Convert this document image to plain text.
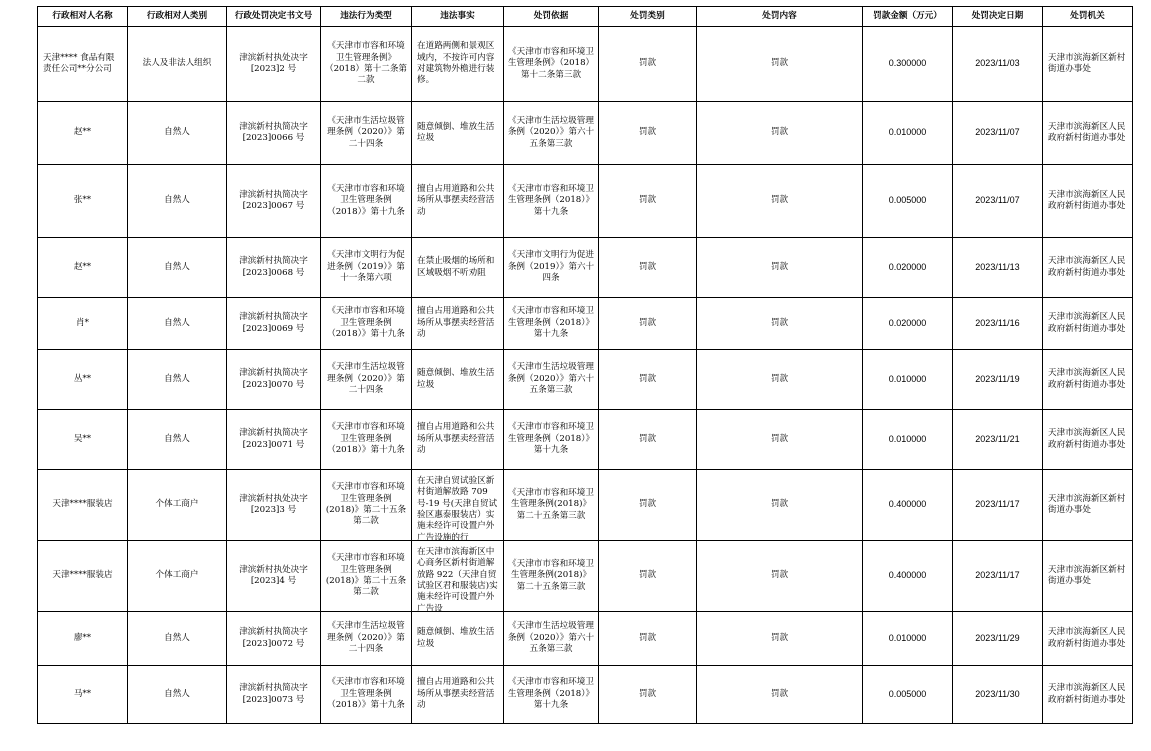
行政相对人名称	行政相对人类别	行政处罚决定书文号	违法行为类型	违法事实	处罚依据	处罚类别	处罚内容	罚款金额（万元）	处罚决定日期	处罚机关
天津**** 食品有限责任公司**分公司	法人及非法人组织	津滨新村执处决字[2023]2 号	《天津市市容和环境卫生管理条例》（2018）第十二条第二款	在道路两侧和景观区域内，不按许可内容对建筑物外檐进行装修。	《天津市市容和环境卫生管理条例》（2018）第十二条第三款	罚款	罚款	0.300000	2023/11/03	天津市滨海新区新村街道办事处
赵**	自然人	津滨新村执简决字[2023]0066 号	《天津市生活垃圾管理条例（2020）》第二十四条	随意倾倒、堆放生活垃圾	《天津市生活垃圾管理条例（2020）》第六十五条第三款	罚款	罚款	0.010000	2023/11/07	天津市滨海新区人民政府新村街道办事处
张**	自然人	津滨新村执简决字[2023]0067 号	《天津市市容和环境卫生管理条例（2018）》第十九条	擅自占用道路和公共场所从事摆卖经营活动	《天津市市容和环境卫生管理条例（2018）》第十九条	罚款	罚款	0.005000	2023/11/07	天津市滨海新区人民政府新村街道办事处
赵**	自然人	津滨新村执简决字[2023]0068 号	《天津市文明行为促进条例（2019）》第十一条第六项	在禁止吸烟的场所和区域吸烟不听劝阻	《天津市文明行为促进条例（2019）》第六十四条	罚款	罚款	0.020000	2023/11/13	天津市滨海新区人民政府新村街道办事处
肖*	自然人	津滨新村执简决字[2023]0069 号	《天津市市容和环境卫生管理条例（2018）》第十九条	擅自占用道路和公共场所从事摆卖经营活动	《天津市市容和环境卫生管理条例（2018）》第十九条	罚款	罚款	0.020000	2023/11/16	天津市滨海新区人民政府新村街道办事处
丛**	自然人	津滨新村执简决字[2023]0070 号	《天津市生活垃圾管理条例（2020）》第二十四条	随意倾倒、堆放生活垃圾	《天津市生活垃圾管理条例（2020）》第六十五条第三款	罚款	罚款	0.010000	2023/11/19	天津市滨海新区人民政府新村街道办事处
吴**	自然人	津滨新村执简决字[2023]0071 号	《天津市市容和环境卫生管理条例（2018）》第十九条	擅自占用道路和公共场所从事摆卖经营活动	《天津市市容和环境卫生管理条例（2018）》第十九条	罚款	罚款	0.010000	2023/11/21	天津市滨海新区人民政府新村街道办事处
天津****服装店	个体工商户	津滨新村执处决字[2023]3 号	《天津市市容和环境卫生管理条例(2018)》第二十五条第二款	在天津自贸试验区新村街道解放路 709 号-19 号(天津自贸试验区惠泰服装店）实施未经许可设置户外广告设施的行	《天津市市容和环境卫生管理条例(2018)》第二十五条第三款	罚款	罚款	0.400000	2023/11/17	天津市滨海新区新村街道办事处
天津****服装店	个体工商户	津滨新村执处决字[2023]4 号	《天津市市容和环境卫生管理条例(2018)》第二十五条第二款	在天津市滨海新区中心商务区新村街道解放路 922（天津自贸试验区君和服装店)实施未经许可设置户外广告设	《天津市市容和环境卫生管理条例(2018)》第二十五条第三款	罚款	罚款	0.400000	2023/11/17	天津市滨海新区新村街道办事处
廖**	自然人	津滨新村执简决字[2023]0072 号	《天津市生活垃圾管理条例（2020）》第二十四条	随意倾倒、堆放生活垃圾	《天津市生活垃圾管理条例（2020）》第六十五条第三款	罚款	罚款	0.010000	2023/11/29	天津市滨海新区人民政府新村街道办事处
马**	自然人	津滨新村执简决字[2023]0073 号	《天津市市容和环境卫生管理条例（2018）》第十九条	擅自占用道路和公共场所从事摆卖经营活动	《天津市市容和环境卫生管理条例（2018）》第十九条	罚款	罚款	0.005000	2023/11/30	天津市滨海新区人民政府新村街道办事处
